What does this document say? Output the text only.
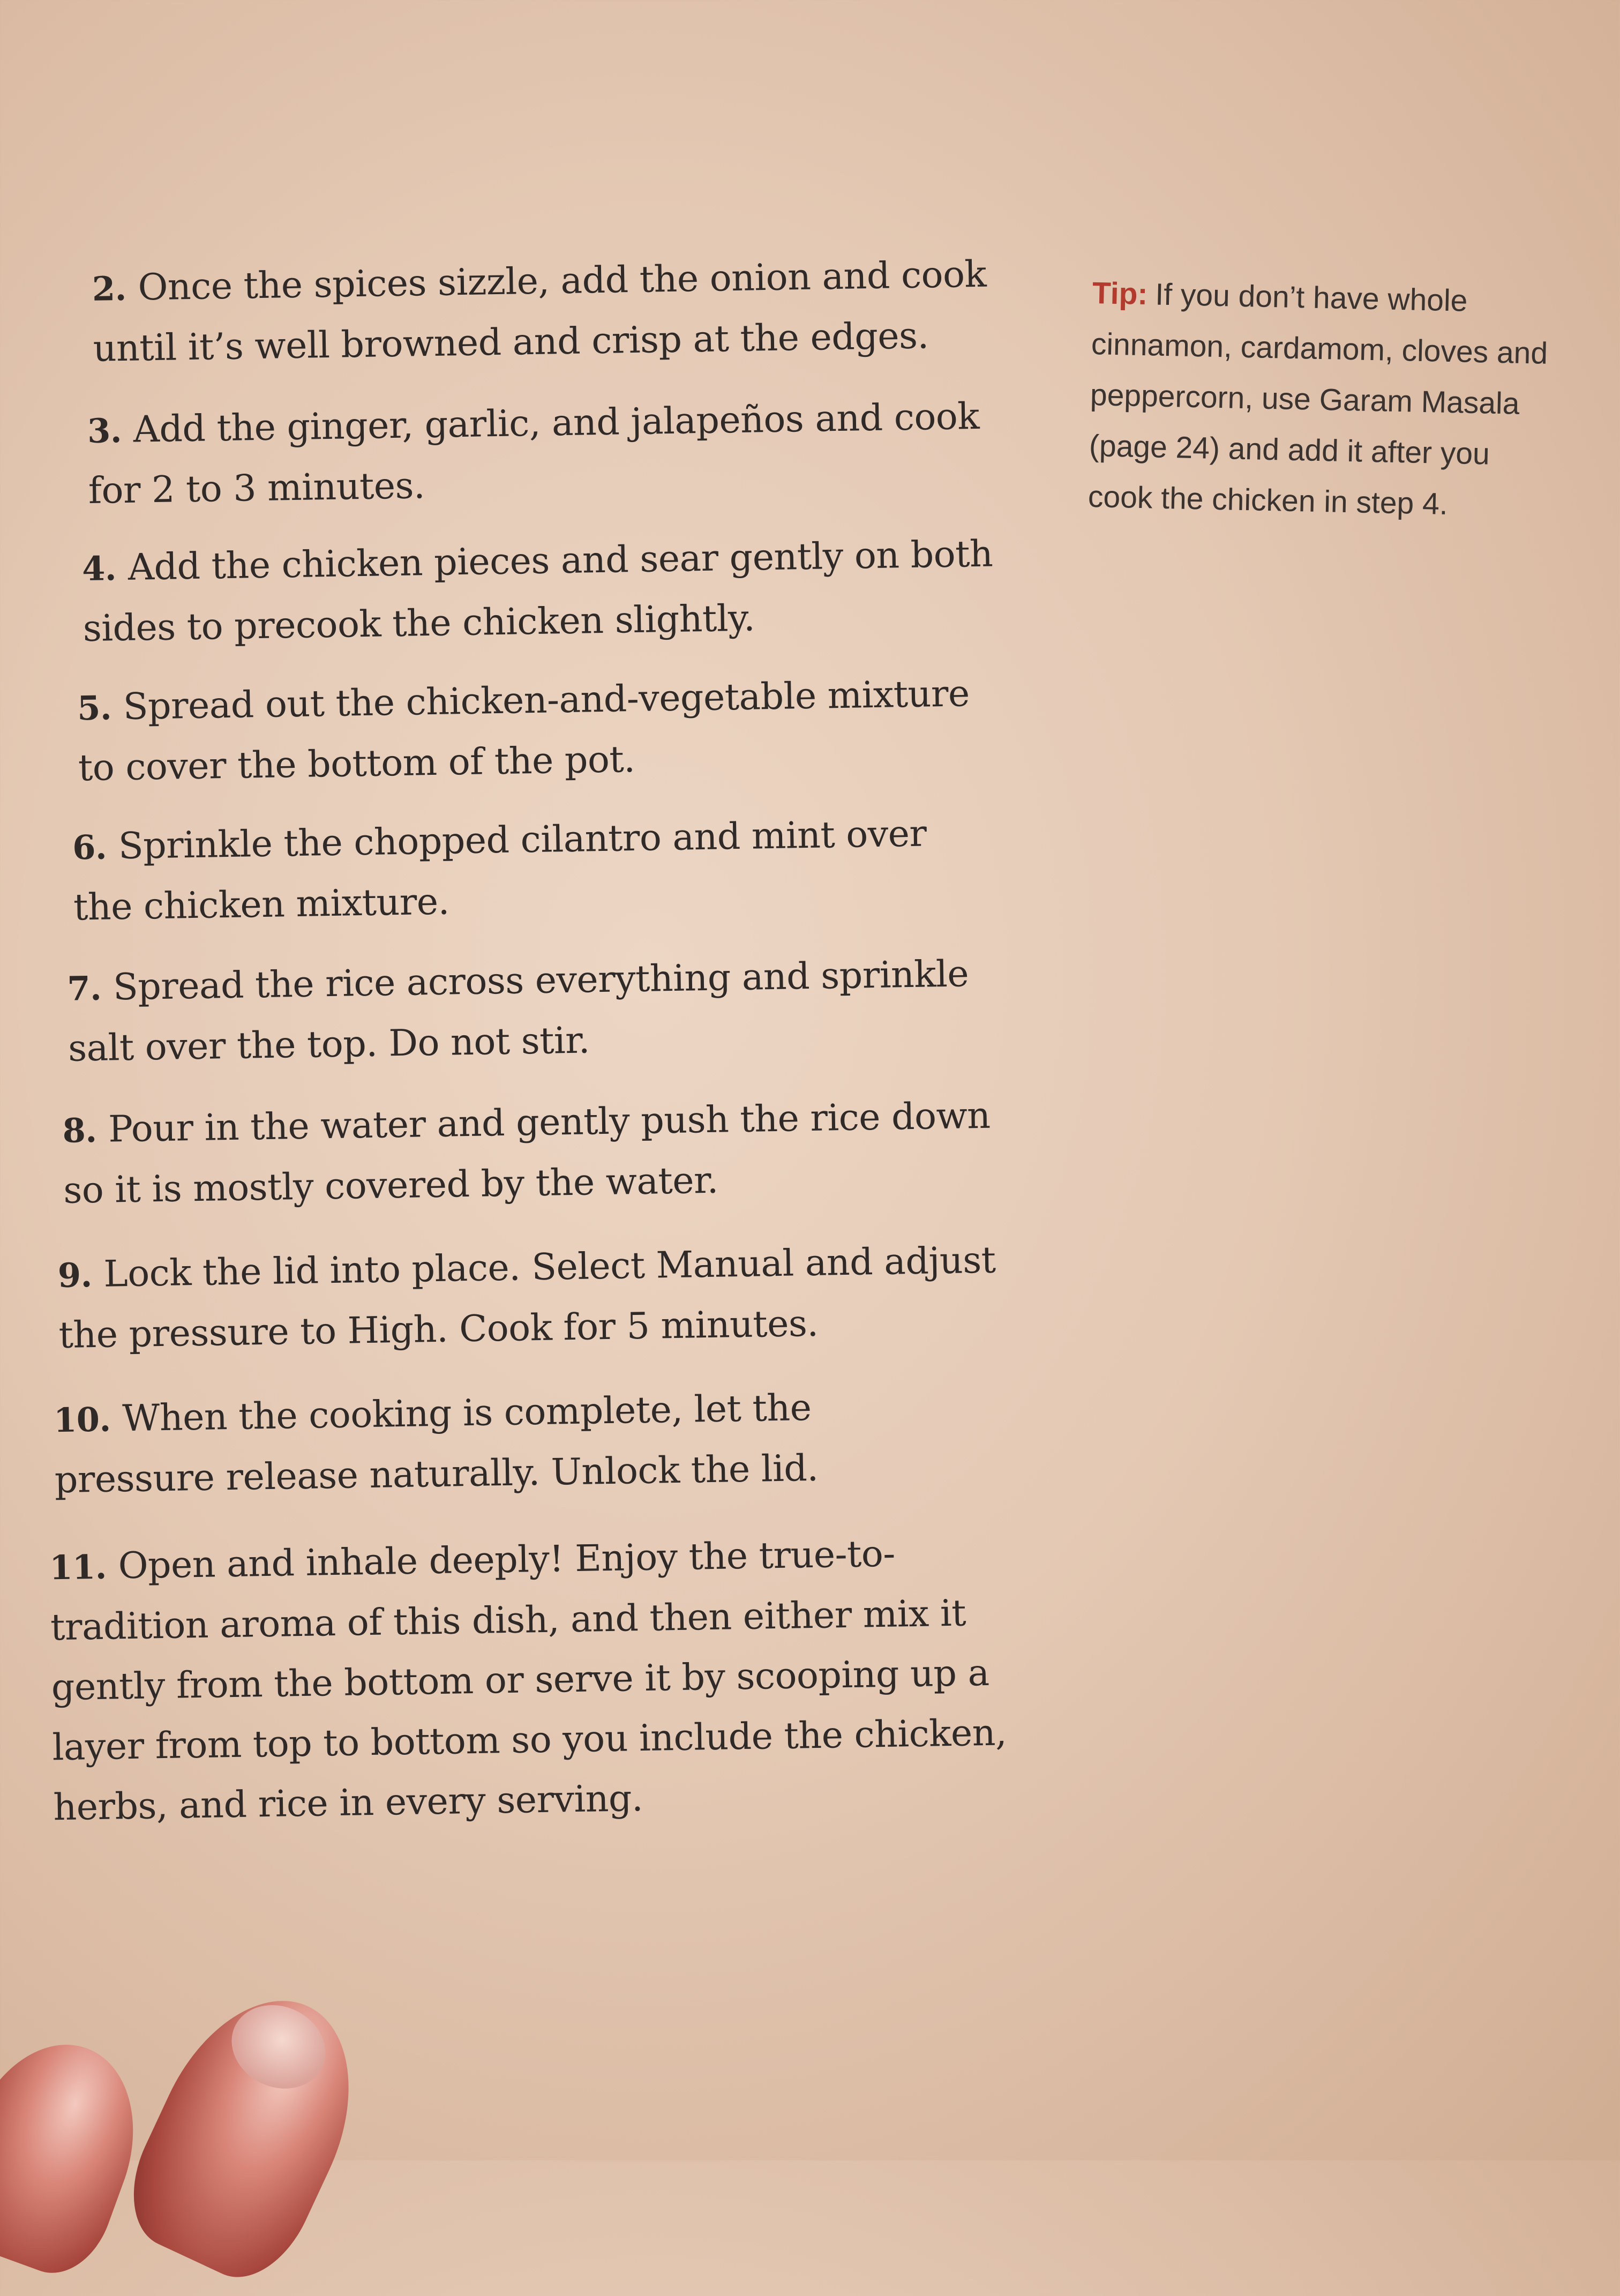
2. Once the spices sizzle, add the onion and cook until it’s well browned and crisp at the edges.
3. Add the ginger, garlic, and jalapeños and cook for 2 to 3 minutes.
4. Add the chicken pieces and sear gently on both sides to precook the chicken slightly.
5. Spread out the chicken-and-vegetable mixture to cover the bottom of the pot.
6. Sprinkle the chopped cilantro and mint over the chicken mixture.
7. Spread the rice across everything and sprinkle salt over the top. Do not stir.
8. Pour in the water and gently push the rice down so it is mostly covered by the water.
9. Lock the lid into place. Select Manual and adjust the pressure to High. Cook for 5 minutes.
10. When the cooking is complete, let the pressure release naturally. Unlock the lid.
11. Open and inhale deeply! Enjoy the true-to-tradition aroma of this dish, and then either mix it gently from the bottom or serve it by scooping up a layer from top to bottom so you include the chicken, herbs, and rice in every serving.
Tip: If you don’t have whole cinnamon, cardamom, cloves and peppercorn, use Garam Masala (page 24) and add it after you cook the chicken in step 4.
